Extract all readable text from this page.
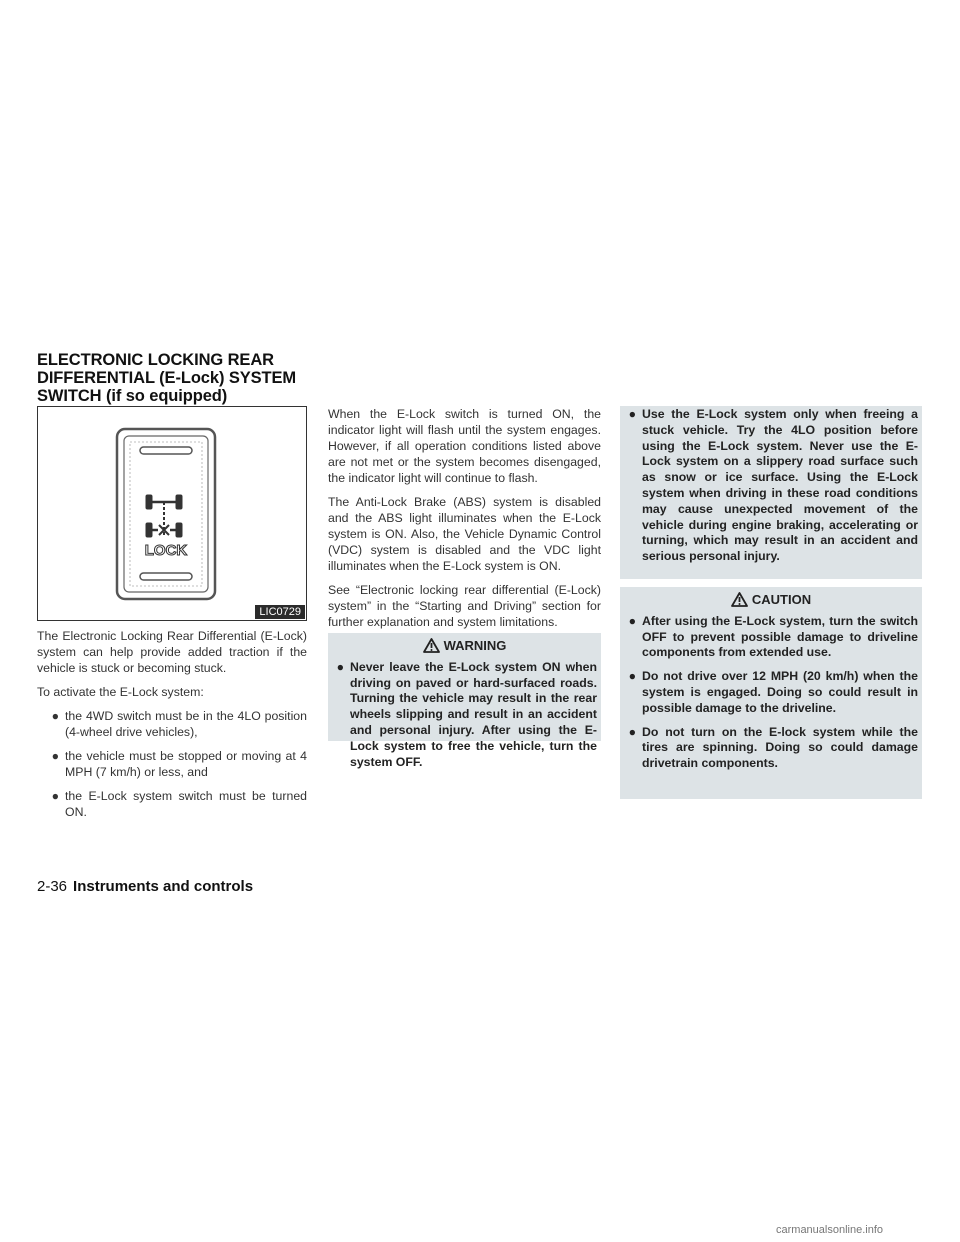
ELECTRONIC LOCKING REAR
DIFFERENTIAL (E-Lock) SYSTEM
SWITCH (if so equipped)
LOCK
LIC0729

The Electronic Locking Rear Differential (E-Lock) system can help provide added traction if the vehicle is stuck or becoming stuck.

To activate the E-Lock system:

● the 4WD switch must be in the 4LO position (4-wheel drive vehicles),
● the vehicle must be stopped or moving at 4 MPH (7 km/h) or less, and
● the E-Lock system switch must be turned ON.

When the E-Lock switch is turned ON, the indicator light will flash until the system engages. However, if all operation conditions listed above are not met or the system becomes disengaged, the indicator light will continue to flash.

The Anti-Lock Brake (ABS) system is disabled and the ABS light illuminates when the E-Lock system is ON. Also, the Vehicle Dynamic Control (VDC) system is disabled and the VDC light illuminates when the E-Lock system is ON.

See “Electronic locking rear differential (E-Lock) system” in the “Starting and Driving” section for further explanation and system limitations.

WARNING
● Never leave the E-Lock system ON when driving on paved or hard-surfaced roads. Turning the vehicle may result in the rear wheels slipping and result in an accident and personal injury. After using the E-Lock system to free the vehicle, turn the system OFF.
● Use the E-Lock system only when freeing a stuck vehicle. Try the 4LO position before using the E-Lock system. Never use the E-Lock system on a slippery road surface such as snow or ice surface. Using the E-Lock system when driving in these road conditions may cause unexpected movement of the vehicle during engine braking, accelerating or turning, which may result in an accident and serious personal injury.
CAUTION
● After using the E-Lock system, turn the switch OFF to prevent possible damage to driveline components from extended use.
● Do not drive over 12 MPH (20 km/h) when the system is engaged. Doing so could result in possible damage to the driveline.
● Do not turn on the E-lock system while the tires are spinning. Doing so could damage drivetrain components.
2-36 Instruments and controls
carmanualsonline.info
